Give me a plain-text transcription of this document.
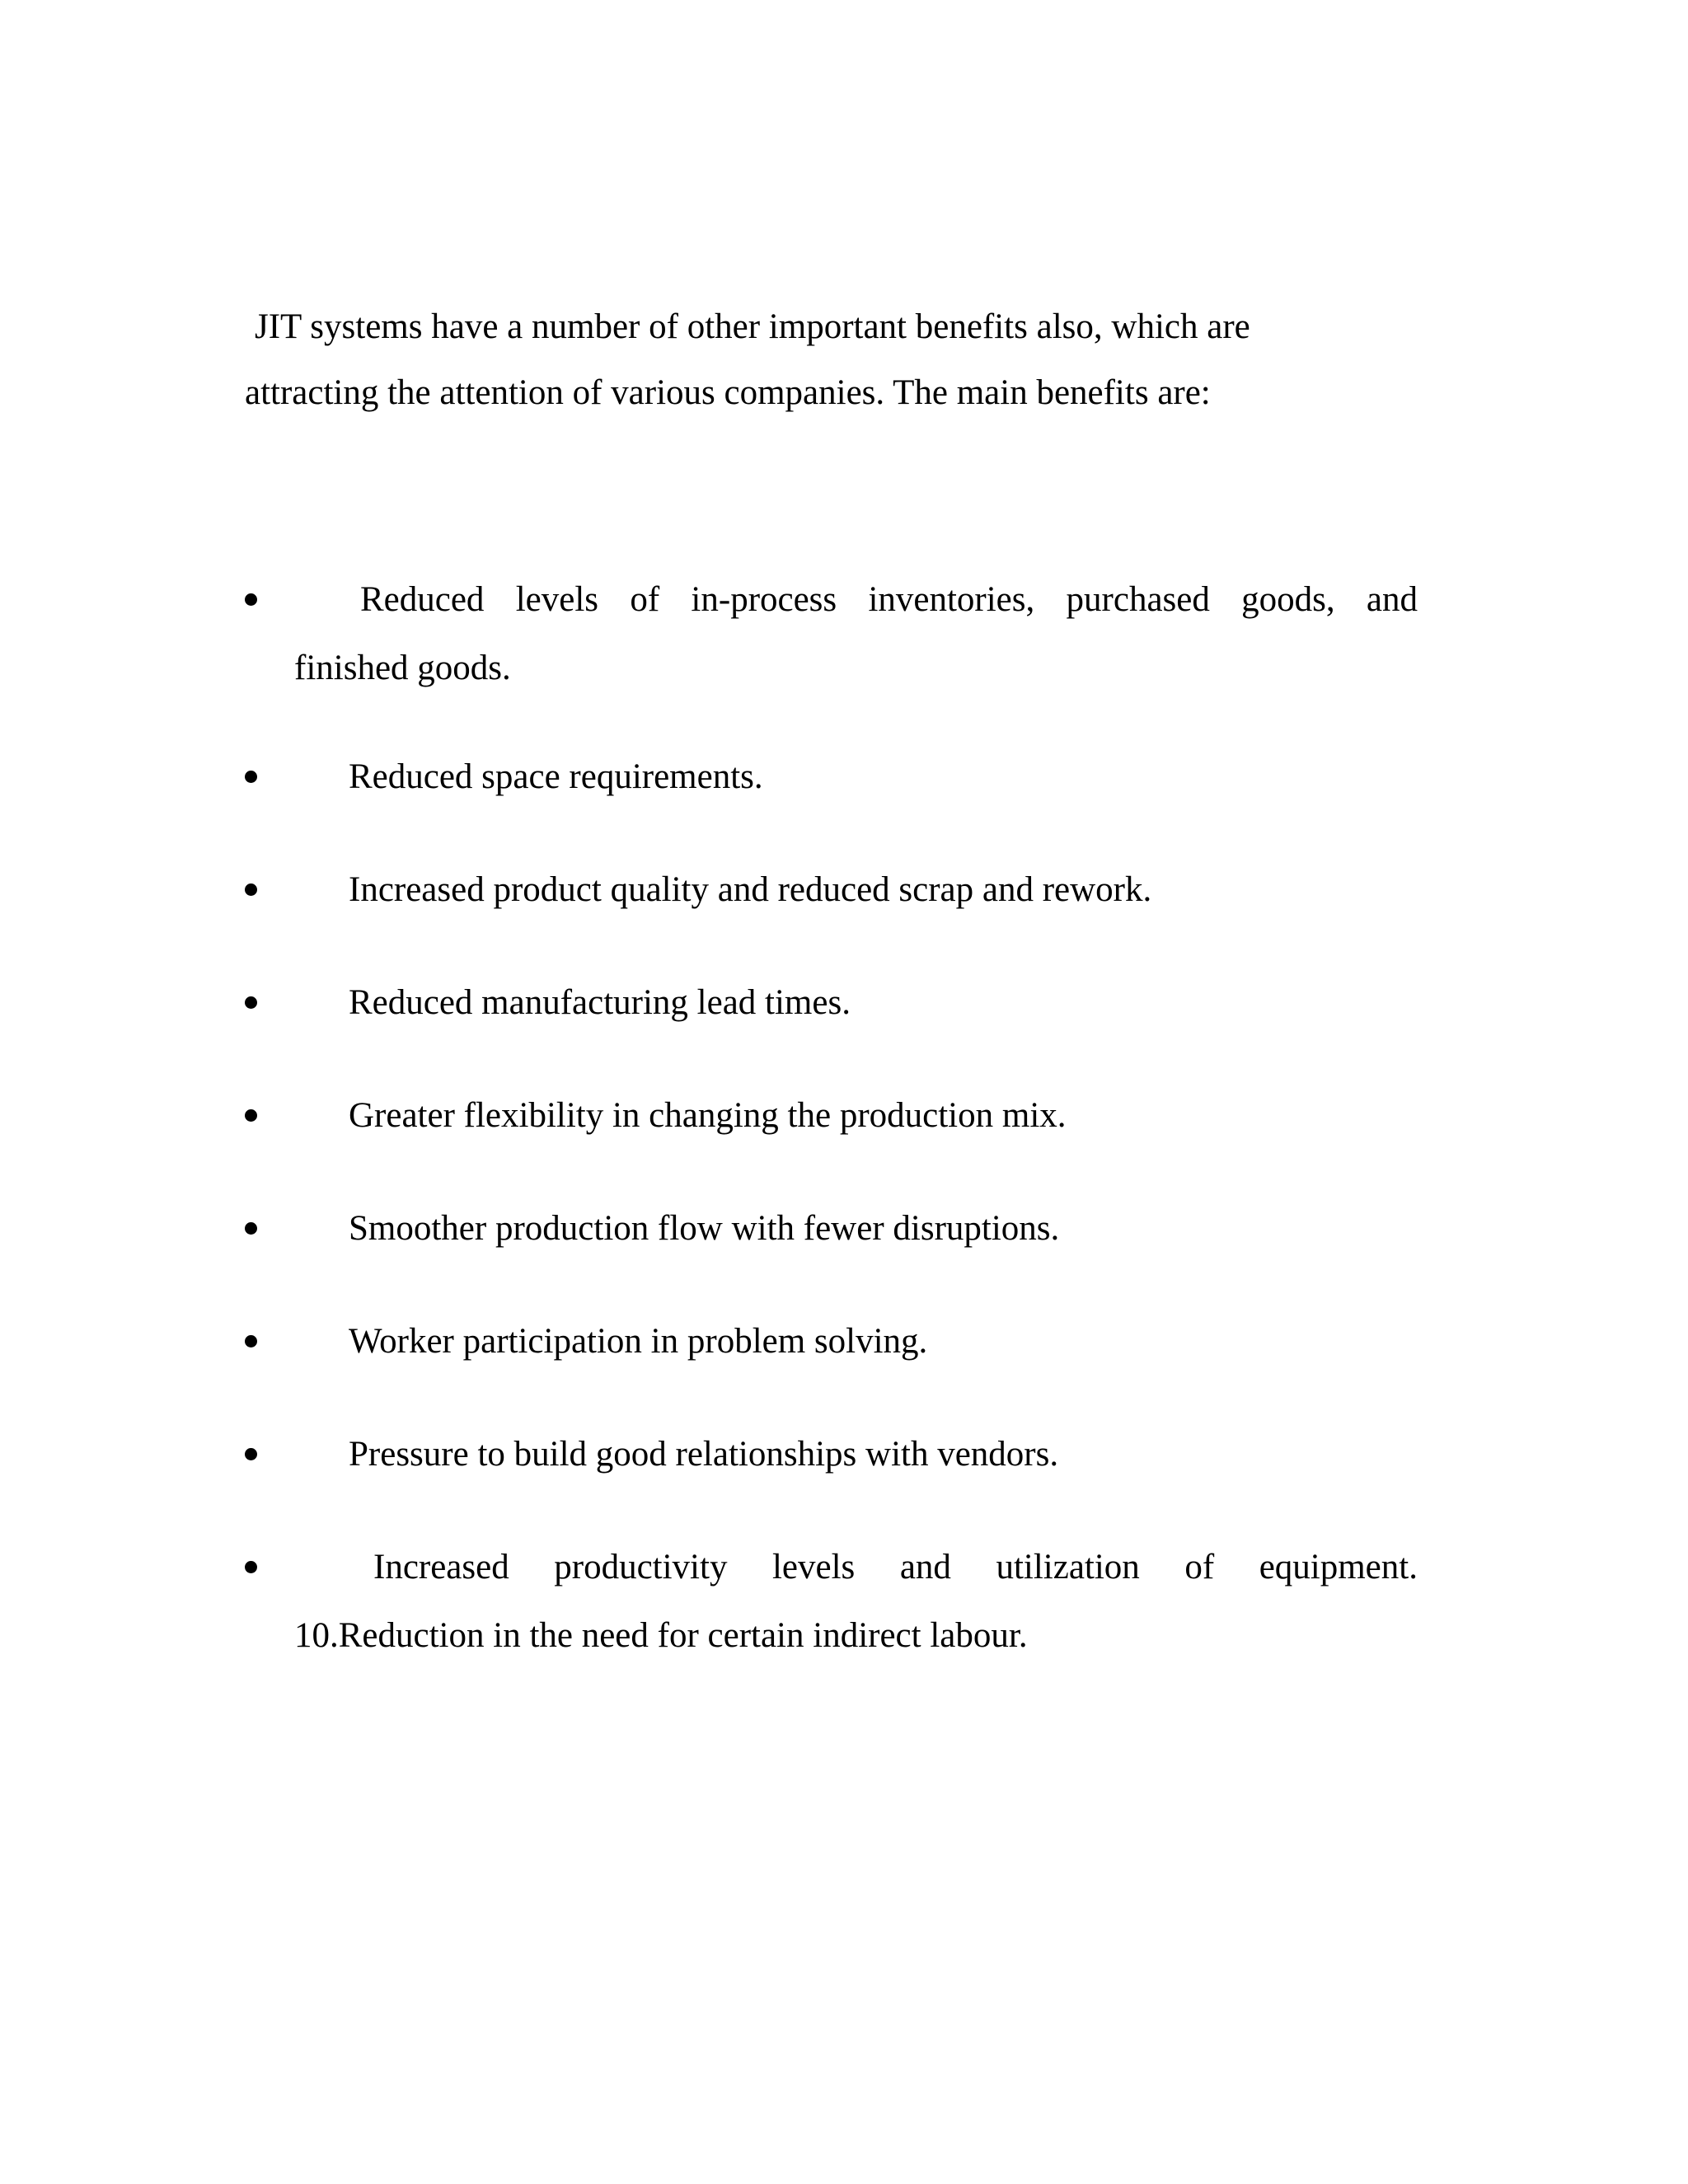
JIT systems have a number of other important benefits also, which are
attracting the attention of various companies. The main benefits are:
Reduced levels of in-process inventories, purchased goods, and
finished goods.
Reduced space requirements.
Increased product quality and reduced scrap and rework.
Reduced manufacturing lead times.
Greater flexibility in changing the production mix.
Smoother production flow with fewer disruptions.
Worker participation in problem solving.
Pressure to build good relationships with vendors.
Increased productivity levels and utilization of equipment.
10.Reduction in the need for certain indirect labour.
